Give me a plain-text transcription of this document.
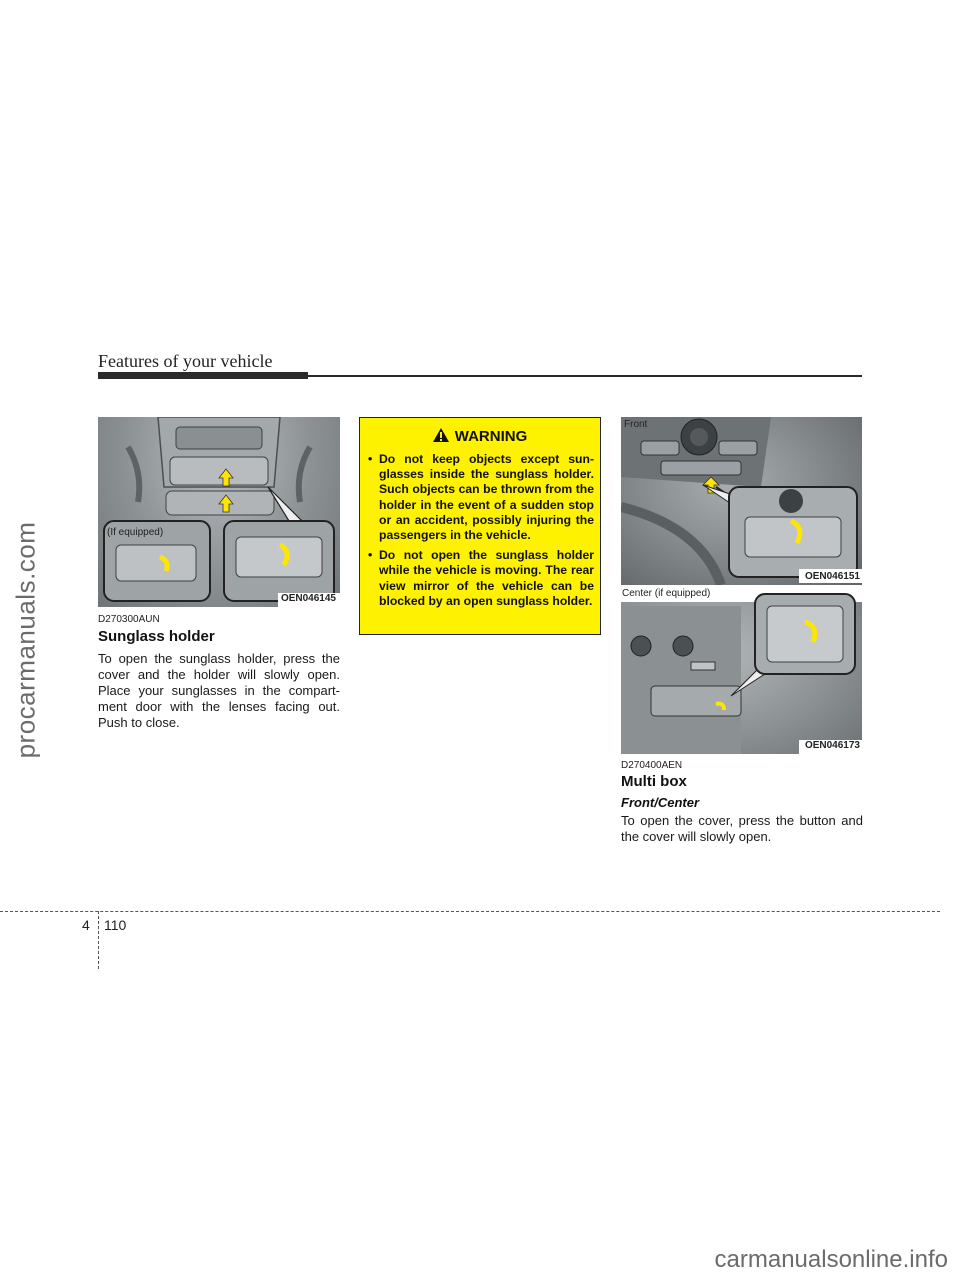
Features of your vehicle
procarmanuals.com	(If equipped)
OEN046145
D270300AUN
Sunglass holder
To open the sunglass holder, press the cover and the holder will slowly open. Place your sunglasses in the compartment door with the lenses facing out. Push to close.
WARNING
• Do not keep objects except sunglasses inside the sunglass holder. Such objects can be thrown from the holder in the event of a sudden stop or an accident, possibly injuring the passengers in the vehicle.
• Do not open the sunglass holder while the vehicle is moving. The rear view mirror of the vehicle can be blocked by an open sunglass holder.
Front
OEN046151
Center (if equipped)
OEN046173
D270400AEN
Multi box
Front/Center
To open the cover, press the button and the cover will slowly open.
4 110
carmanualsonline.info
